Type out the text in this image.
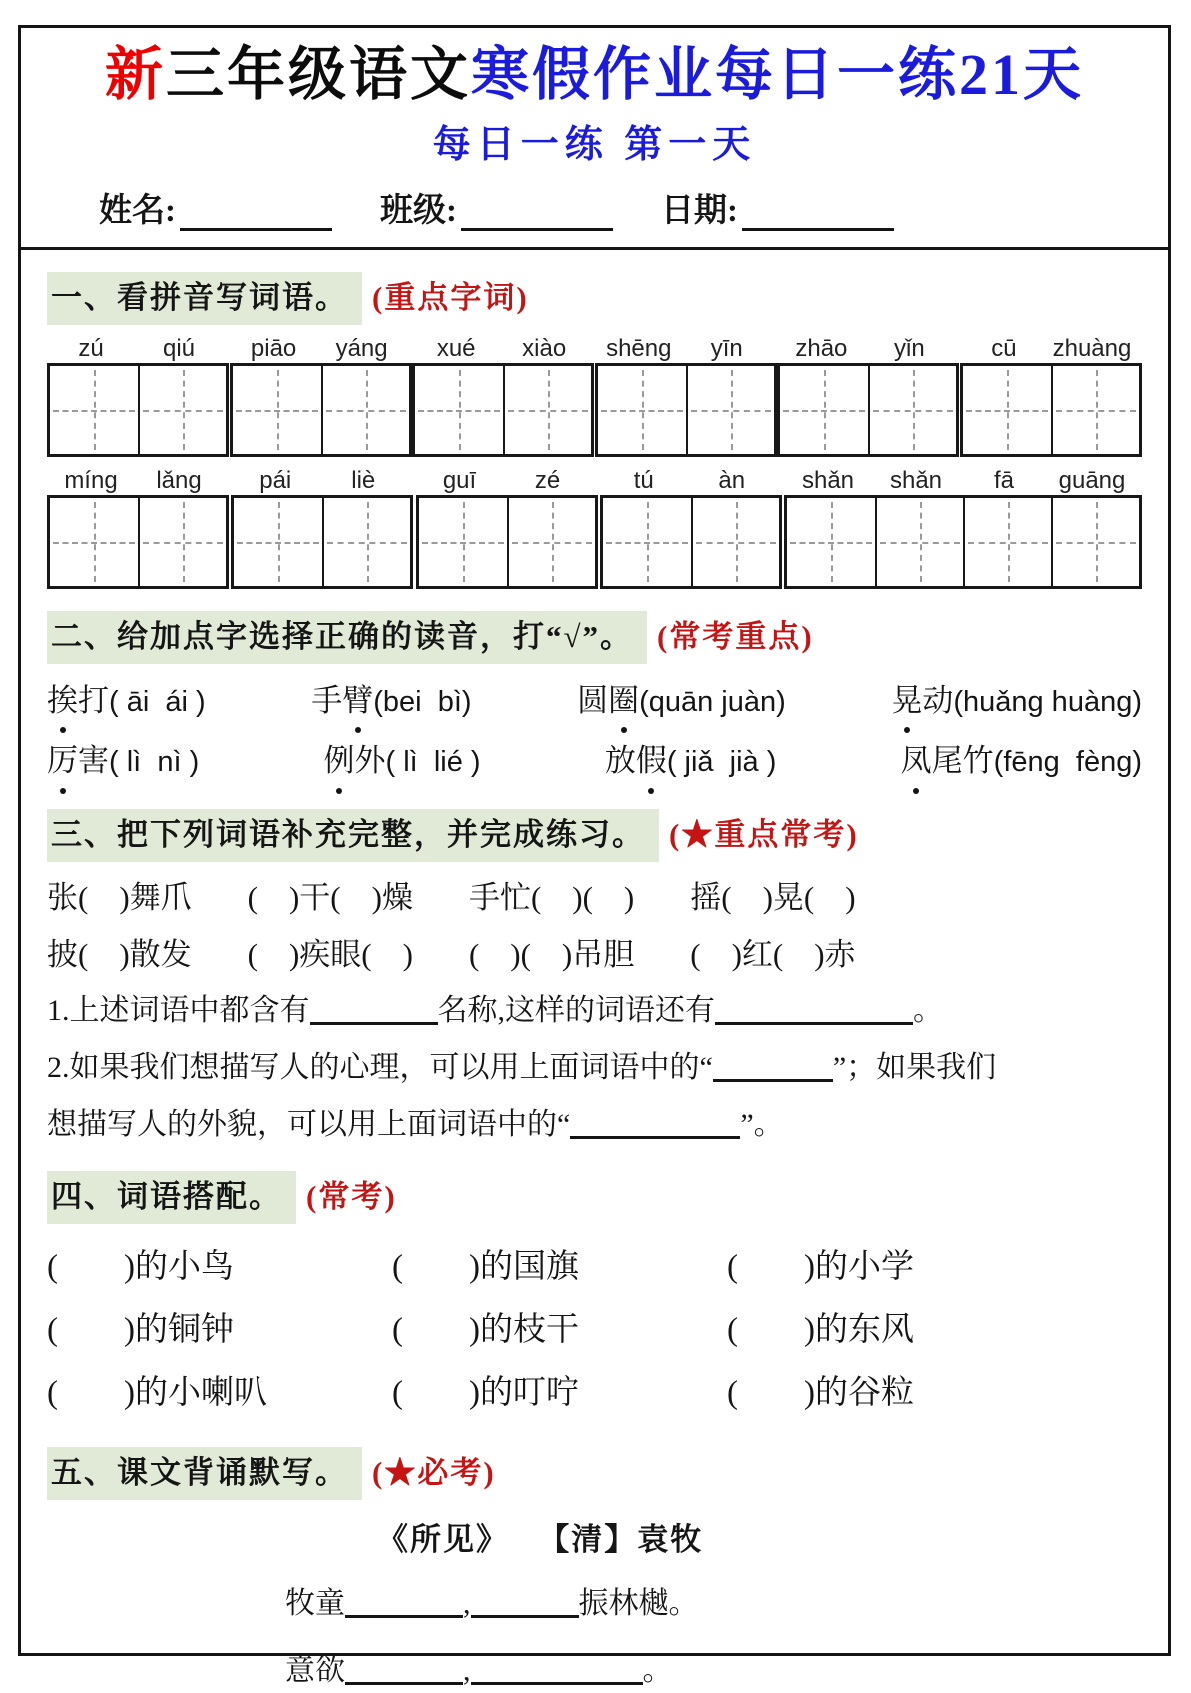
新三年级语文寒假作业每日一练21天
每日一练 第一天
姓名:	班级:	日期:
一、看拼音写词语。 (重点字词)
zú	qiú	piāo	yáng	xué	xiào	shēng	yīn	zhāo	yǐn	cū	zhuàng
míng	lǎng	pái	liè	guī	zé	tú	àn	shǎn	shǎn	fā	guāng
二、给加点字选择正确的读音，打“√”。 (常考重点)
挨打( āi  ái )	手臂(bei  bì)	圆圈(quān juàn)	晃动(huǎng huàng)
厉害( lì  nì )	例外( lì  lié )	放假( jiǎ  jià )	凤尾竹(fēng  fèng)
三、把下列词语补充完整，并完成练习。 (★重点常考)
张(    )舞爪 (    )干(    )燥 手忙(    )(    ) 摇(    )晃(    )
披(    )散发 (    )疾眼(    ) (    )(    )吊胆 (    )红(    )赤
1.上述词语中都含有	名称,这样的词语还有	。
2.如果我们想描写人的心理，可以用上面词语中的“	”；如果我们
想描写人的外貌，可以用上面词语中的“	”。
四、词语搭配。 (常考)
(        )的小鸟	(        )的国旗	(        )的小学
(        )的铜钟	(        )的枝干	(        )的东风
(        )的小喇叭	(        )的叮咛	(        )的谷粒
五、课文背诵默写。 (★必考)
《所见》   【清】袁牧
牧童	,	振林樾。
意欲	,	。
